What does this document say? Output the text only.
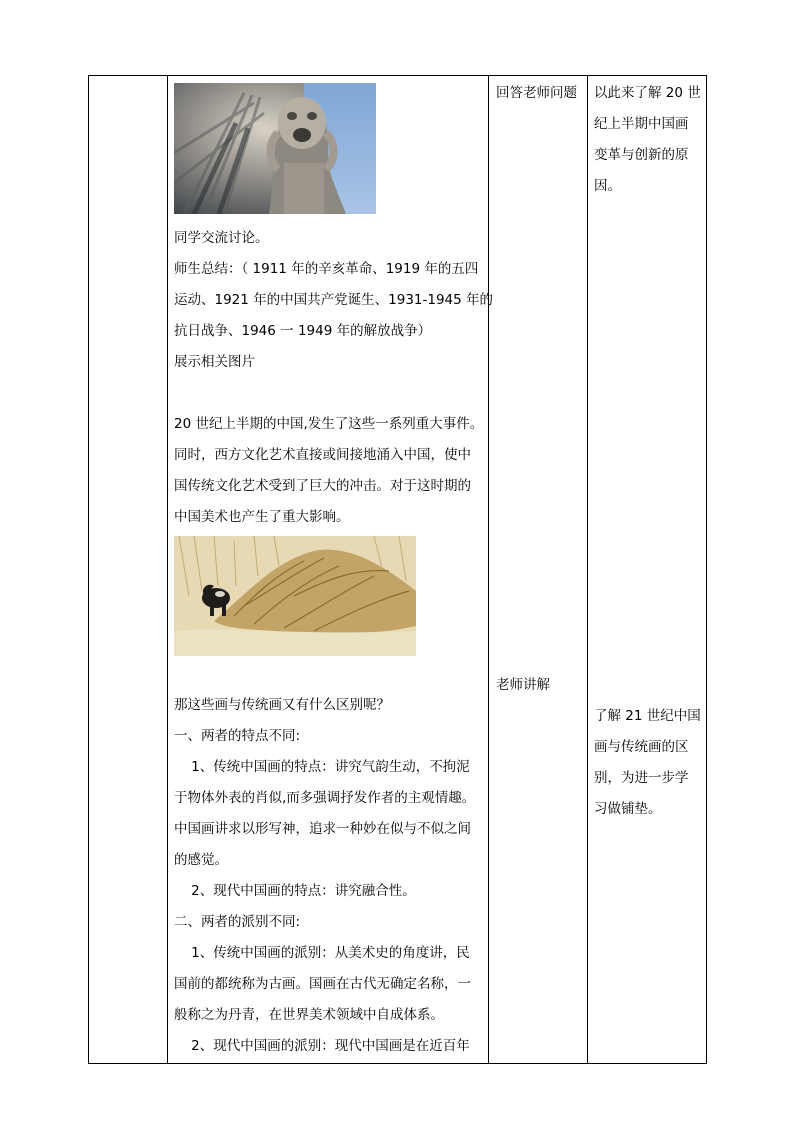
同学交流讨论。
师生总结：（ 1911 年的辛亥革命、1919 年的五四
运动、1921 年的中国共产党诞生、1931-1945 年的
抗日战争、1946 一 1949 年的解放战争）
展示相关图片
20 世纪上半期的中国,发生了这些一系列重大事件。
同时，西方文化艺术直接或间接地涌入中国，使中
国传统文化艺术受到了巨大的冲击。对于这时期的
中国美术也产生了重大影响。
那这些画与传统画又有什么区别呢？
一、两者的特点不同:
1、传统中国画的特点：讲究气韵生动，不拘泥
于物体外表的肖似,而多强调抒发作者的主观情趣。
中国画讲求以形写神，追求一种妙在似与不似之间
的感觉。
2、现代中国画的特点：讲究融合性。
二、两者的派别不同:
1、传统中国画的派别：从美术史的角度讲，民
国前的都统称为古画。国画在古代无确定名称，一
般称之为丹青，在世界美术领域中自成体系。
2、现代中国画的派别：现代中国画是在近百年
回答老师问题
老师讲解
以此来了解 20 世
纪上半期中国画
变革与创新的原
因。
了解 21 世纪中国
画与传统画的区
别，为进一步学
习做铺垫。
